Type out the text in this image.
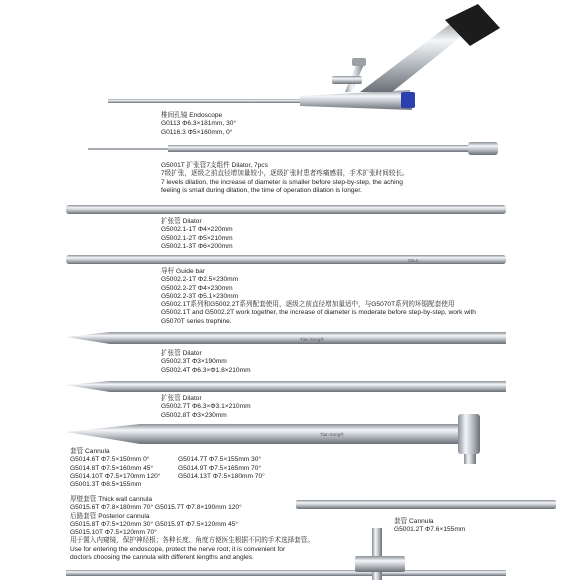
G5.4
Tian Song®
Tian Song®
椎间孔镜 Endoscope
G0113 Φ6.3×181mm, 30°
G0116.3 Φ5×160mm, 0°
G5001T 扩张管7支组件 Dilator, 7pcs
7级扩张，逐级之前直径增加量较小，逐级扩张时患者疼痛感弱，手术扩张时间较长。
7 levels dilation, the increase of diameter is smaller before step-by-step, the aching
feeling is small during dilation, the time of operation dilation is longer.
扩张管 Dilator
G5002.1-1T Φ4×220mm
G5002.1-2T Φ5×210mm
G5002.1-3T Φ6×200mm
导杆 Guide bar
G5002.2-1T Φ2.5×230mm
G5002.2-2T Φ4×230mm
G5002.2-3T Φ5.1×230mm
G5002.1T系列和G5002.2T系列配套使用，逐级之前直径增加量适中，与G5070T系列的环锯配套使用
G5002.1T and G5002.2T work together, the increase of diameter is moderate before step-by-step, work with
G5070T series trephine.
扩张管 Dilator
G5002.3T Φ3×190mm
G5002.4T Φ6.3×Φ1.8×210mm
扩张管 Dilator
G5002.7T Φ6.3×Φ3.1×210mm
G5002.8T Φ3×230mm
套管 Cannula
G5014.6T Φ7.5×150mm 0°	G5014.7T Φ7.5×155mm 30°
G5014.8T Φ7.5×160mm 45°	G5014.9T Φ7.5×165mm 70°
G5014.10T Φ7.5×170mm 120°	G5014.13T Φ7.5×180mm 70°
G5001.3T Φ8.5×155mm
厚壁套管 Thick wall cannula
G5015.6T Φ7.8×180mm 70° G5015.7T Φ7.8×190mm 120°
后路套管 Posterior cannula
G5015.8T Φ7.5×120mm 30° G5015.9T Φ7.5×120mm 45°
G5015.10T Φ7.5×120mm 70°
用于置入内窥镜，保护神经根；各种长度、角度方便医生根据不同的手术选择套管。
Use for entering the endoscope, protect the nerve root; it is convenient for
doctors choosing the cannula with different lengths and angles.
套管 Cannula
G5001.2T Φ7.6×155mm
